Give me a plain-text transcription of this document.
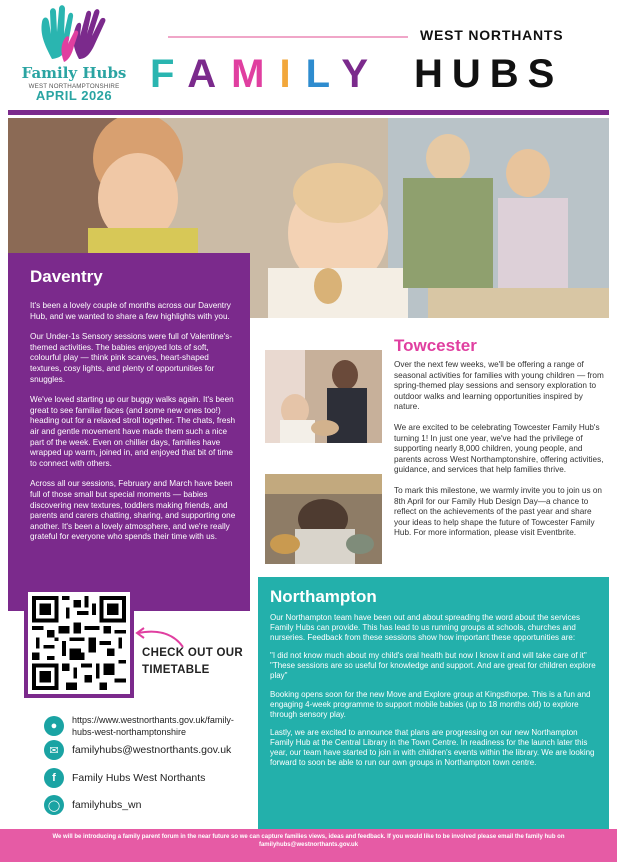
Family Hubs
WEST NORTHAMPTONSHIRE
APRIL 2026
WEST NORTHANTS
FAMILY HUBS
Daventry

It's been a lovely couple of months across our Daventry Hub, and we wanted to share a few highlights with you.

Our Under-1s Sensory sessions were full of Valentine's-themed activities. The babies enjoyed lots of soft, colourful play — think pink scarves, heart-shaped textures, cosy lights, and plenty of opportunities for snuggles.

We've loved starting up our buggy walks again. It's been great to see familiar faces (and some new ones too!) heading out for a relaxed stroll together. The chats, fresh air and gentle movement have made them such a nice part of the week. Even on chillier days, families have wrapped up warm, joined in, and enjoyed that bit of time to connect with others.

Across all our sessions, February and March have been full of those small but special moments — babies discovering new textures, toddlers making friends, and parents and carers chatting, sharing, and supporting one another. It's been a lovely atmosphere, and we're really grateful for everyone who spends their time with us.

CHECK OUT OUR
TIMETABLE
●	https://www.westnorthants.gov.uk/family-hubs-west-northamptonshire
✉	familyhubs@westnorthants.gov.uk
f	Family Hubs West Northants
◯	familyhubs_wn
Towcester

Over the next few weeks, we'll be offering a range of seasonal activities for families with young children — from spring-themed play sessions and sensory exploration to outdoor walks and learning opportunities inspired by nature.

We are excited to be celebrating Towcester Family Hub's turning 1! In just one year, we've had the privilege of supporting nearly 8,000 children, young people, and parents across West Northamptonshire, offering activities, guidance, and services that help families thrive.

To mark this milestone, we warmly invite you to join us on 8th April for our Family Hub Design Day—a chance to reflect on the achievements of the past year and share your ideas to help shape the future of Towcester Family Hub. For more information, please visit Eventbrite.

Northampton

Our Northampton team have been out and about spreading the word about the services Family Hubs can provide. This has lead to us running groups at schools, churches and nurseries. Feedback from these sessions show how important these opportunities are:

"I did not know much about my child's oral health but now I know it and will take care of it"
"These sessions are so useful for knowledge and support. And are great for children explore play"

Booking opens soon for the new Move and Explore group at Kingsthorpe. This is a fun and engaging 4-week programme to support mobile babies (up to 18 months old) to explore through sensory play.

Lastly, we are excited to announce that plans are progressing on our new Northampton Family Hub at the Central Library in the Town Centre. In readiness for the launch later this year, our team have started to join in with children's events within the library. We are looking forward to soon be able to run our own groups in Northampton town centre.

We will be introducing a family parent forum in the near future so we can capture families views, ideas and feedback. If you would like to be involved please email the family hub on familyhubs@westnorthants.gov.uk
